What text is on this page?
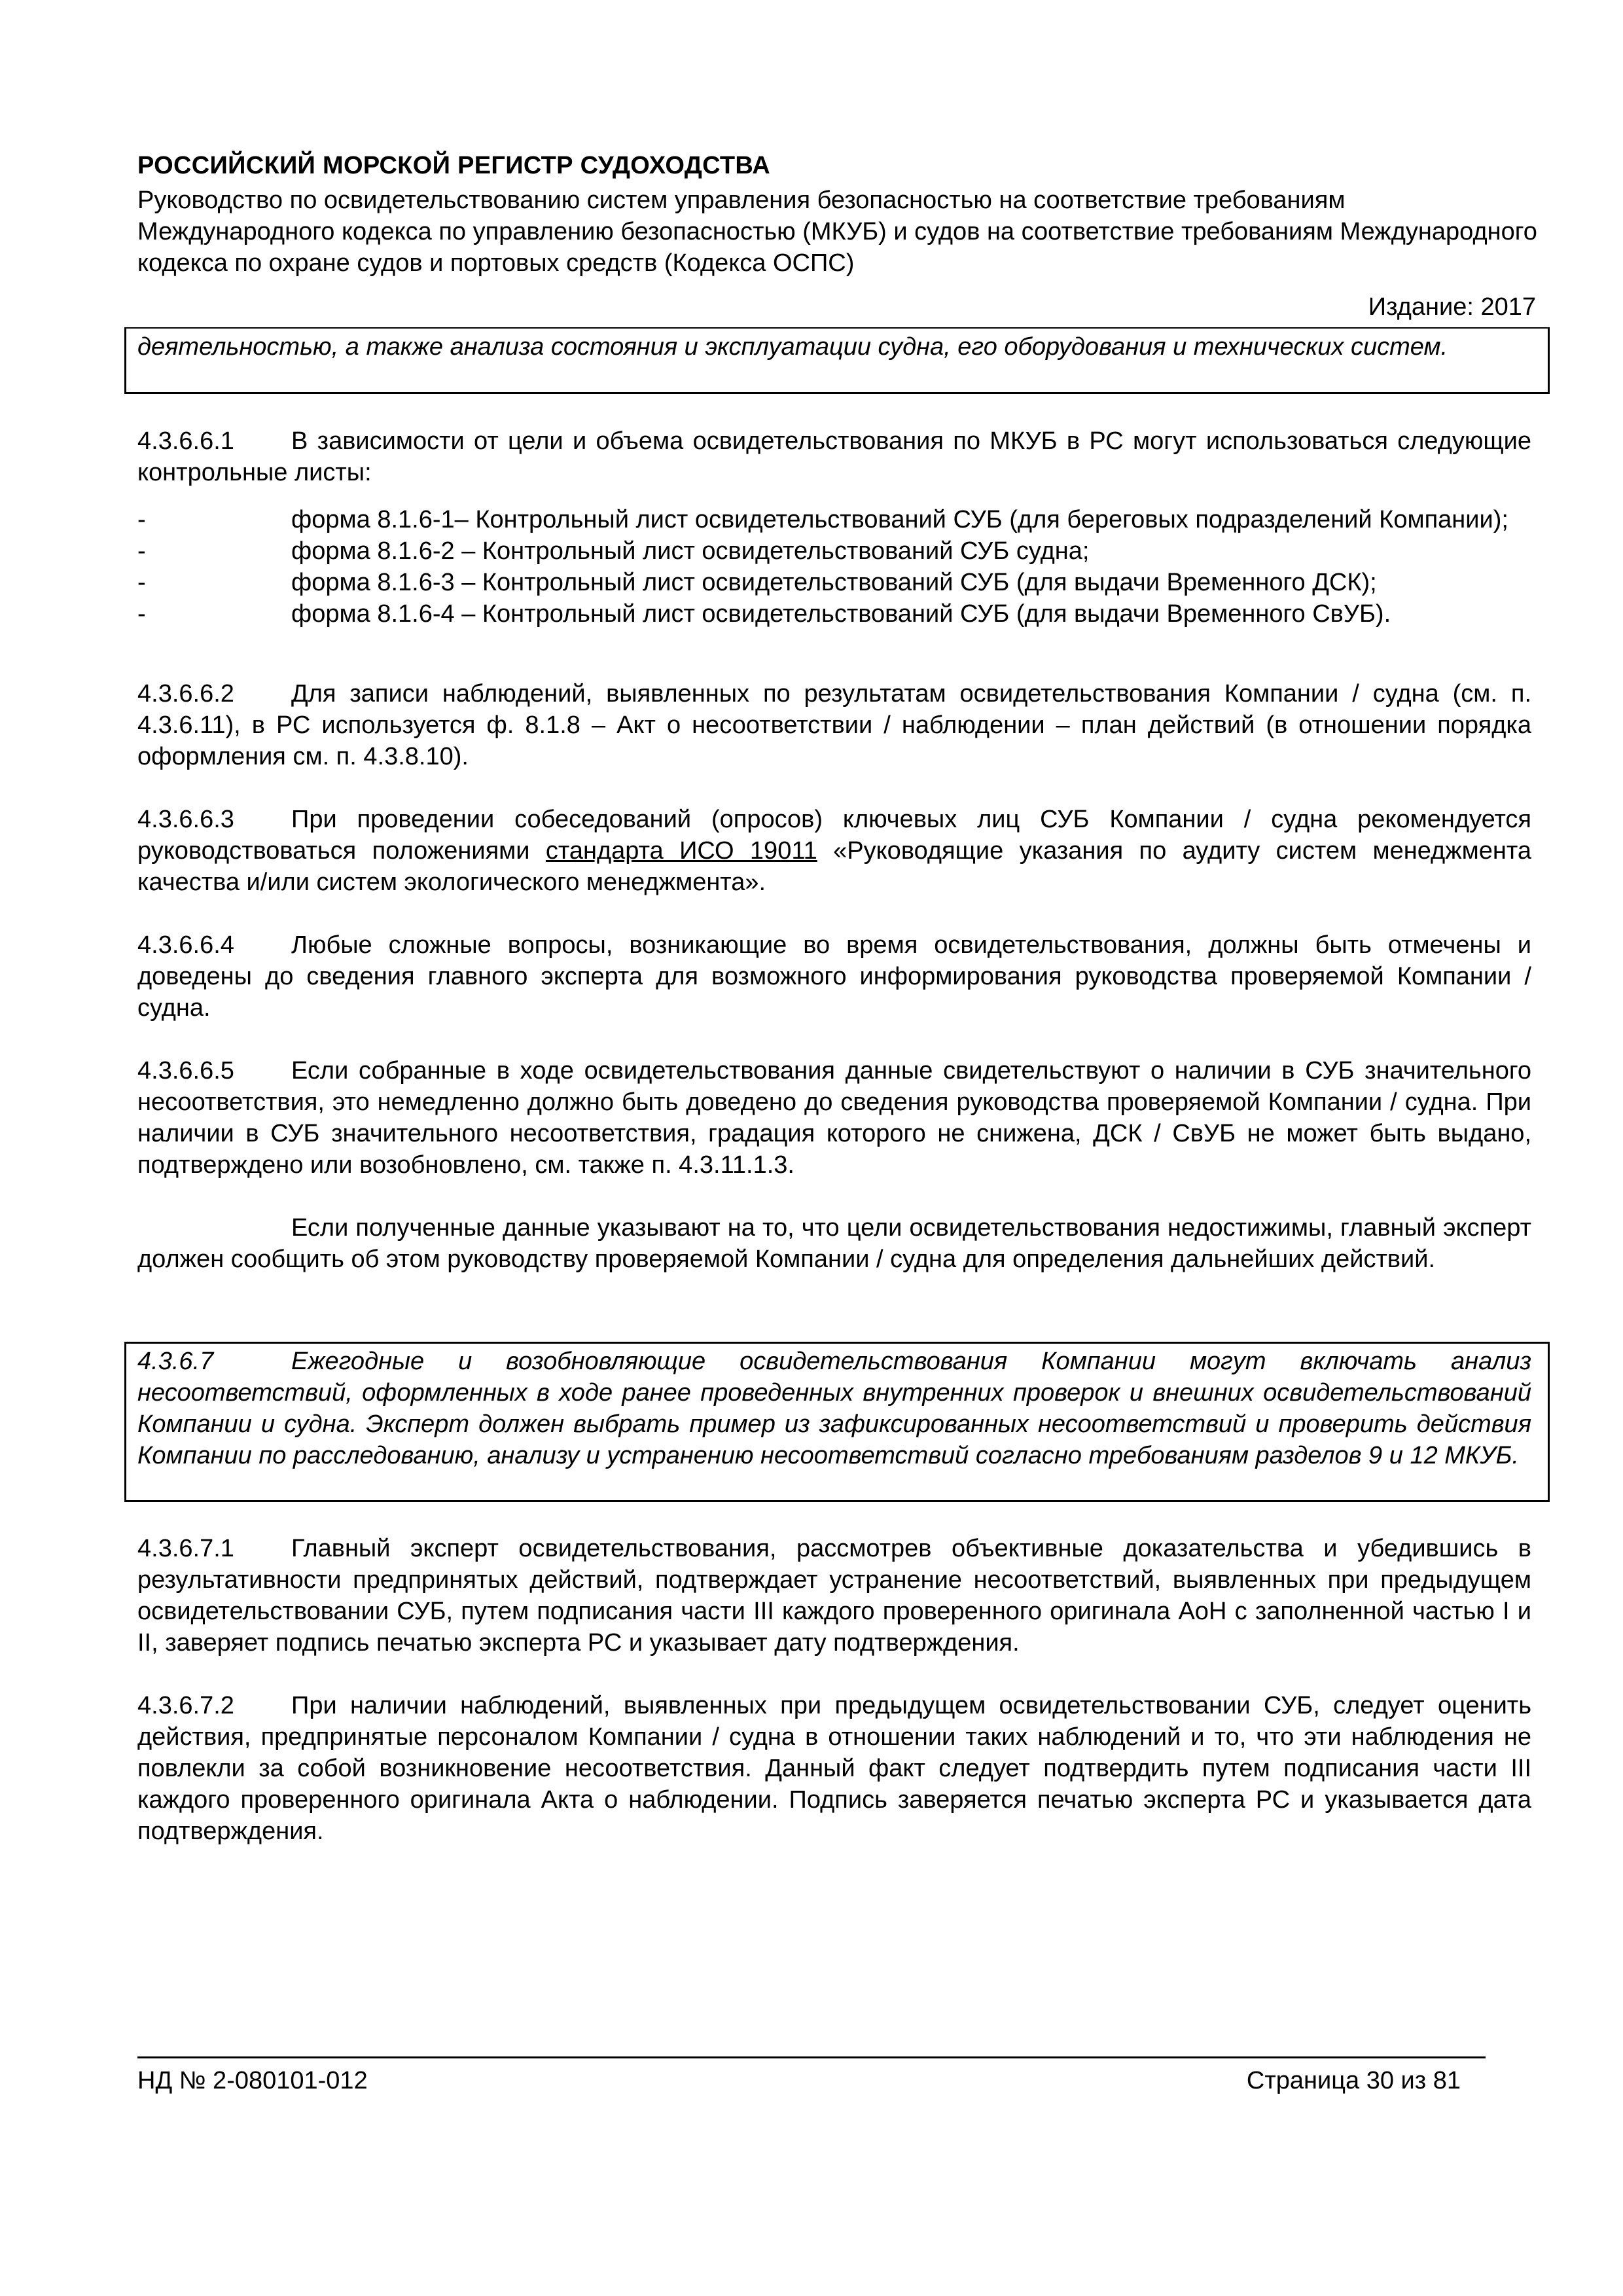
РОССИЙСКИЙ МОРСКОЙ РЕГИСТР СУДОХОДСТВА
Руководство по освидетельствованию систем управления безопасностью на соответствие требованиям Международного кодекса по управлению безопасностью (МКУБ) и судов на соответствие требованиям Международного кодекса по охране судов и портовых средств (Кодекса ОСПС)
Издание: 2017
деятельностью, а также анализа состояния и эксплуатации судна, его оборудования и технических систем.
4.3.6.6.1 В зависимости от цели и объема освидетельствования по МКУБ в РС могут использоваться следующие контрольные листы:
-	форма 8.1.6-1– Контрольный лист освидетельствований СУБ (для береговых подразделений Компании);
-	форма 8.1.6-2 – Контрольный лист освидетельствований СУБ судна;
-	форма 8.1.6-3 – Контрольный лист освидетельствований СУБ (для выдачи Временного ДСК);
-	форма 8.1.6-4 – Контрольный лист освидетельствований СУБ (для выдачи Временного СвУБ).
4.3.6.6.2 Для записи наблюдений, выявленных по результатам освидетельствования Компании / судна (см. п. 4.3.6.11), в РС используется ф. 8.1.8 – Акт о несоответствии / наблюдении – план действий (в отношении порядка оформления см. п. 4.3.8.10).
4.3.6.6.3 При проведении собеседований (опросов) ключевых лиц СУБ Компании / судна рекомендуется руководствоваться положениями стандарта ИСО 19011 «Руководящие указания по аудиту систем менеджмента качества и/или систем экологического менеджмента».
4.3.6.6.4 Любые сложные вопросы, возникающие во время освидетельствования, должны быть отмечены и доведены до сведения главного эксперта для возможного информирования руководства проверяемой Компании / судна.
4.3.6.6.5 Если собранные в ходе освидетельствования данные свидетельствуют о наличии в СУБ значительного несоответствия, это немедленно должно быть доведено до сведения руководства проверяемой Компании / судна. При наличии в СУБ значительного несоответствия, градация которого не снижена, ДСК / СвУБ не может быть выдано, подтверждено или возобновлено, см. также п. 4.3.11.1.3.
Если полученные данные указывают на то, что цели освидетельствования недостижимы, главный эксперт должен сообщить об этом руководству проверяемой Компании / судна для определения дальнейших действий.
4.3.6.7	Ежегодные и возобновляющие освидетельствования Компании могут включать анализ несоответствий, оформленных в ходе ранее проведенных внутренних проверок и внешних освидетельствований Компании и судна. Эксперт должен выбрать пример из зафиксированных несоответствий и проверить действия Компании по расследованию, анализу и устранению несоответствий согласно требованиям разделов 9 и 12 МКУБ.
4.3.6.7.1 Главный эксперт освидетельствования, рассмотрев объективные доказательства и убедившись в результативности предпринятых действий, подтверждает устранение несоответствий, выявленных при предыдущем освидетельствовании СУБ, путем подписания части III каждого проверенного оригинала АоН с заполненной частью I и II, заверяет подпись печатью эксперта РС и указывает дату подтверждения.
4.3.6.7.2 При наличии наблюдений, выявленных при предыдущем освидетельствовании СУБ, следует оценить действия, предпринятые персоналом Компании / судна в отношении таких наблюдений и то, что эти наблюдения не повлекли за собой возникновение несоответствия. Данный факт следует подтвердить путем подписания части III каждого проверенного оригинала Акта о наблюдении. Подпись заверяется печатью эксперта РС и указывается дата подтверждения.
НД № 2-080101-012	Страница 30 из 81
